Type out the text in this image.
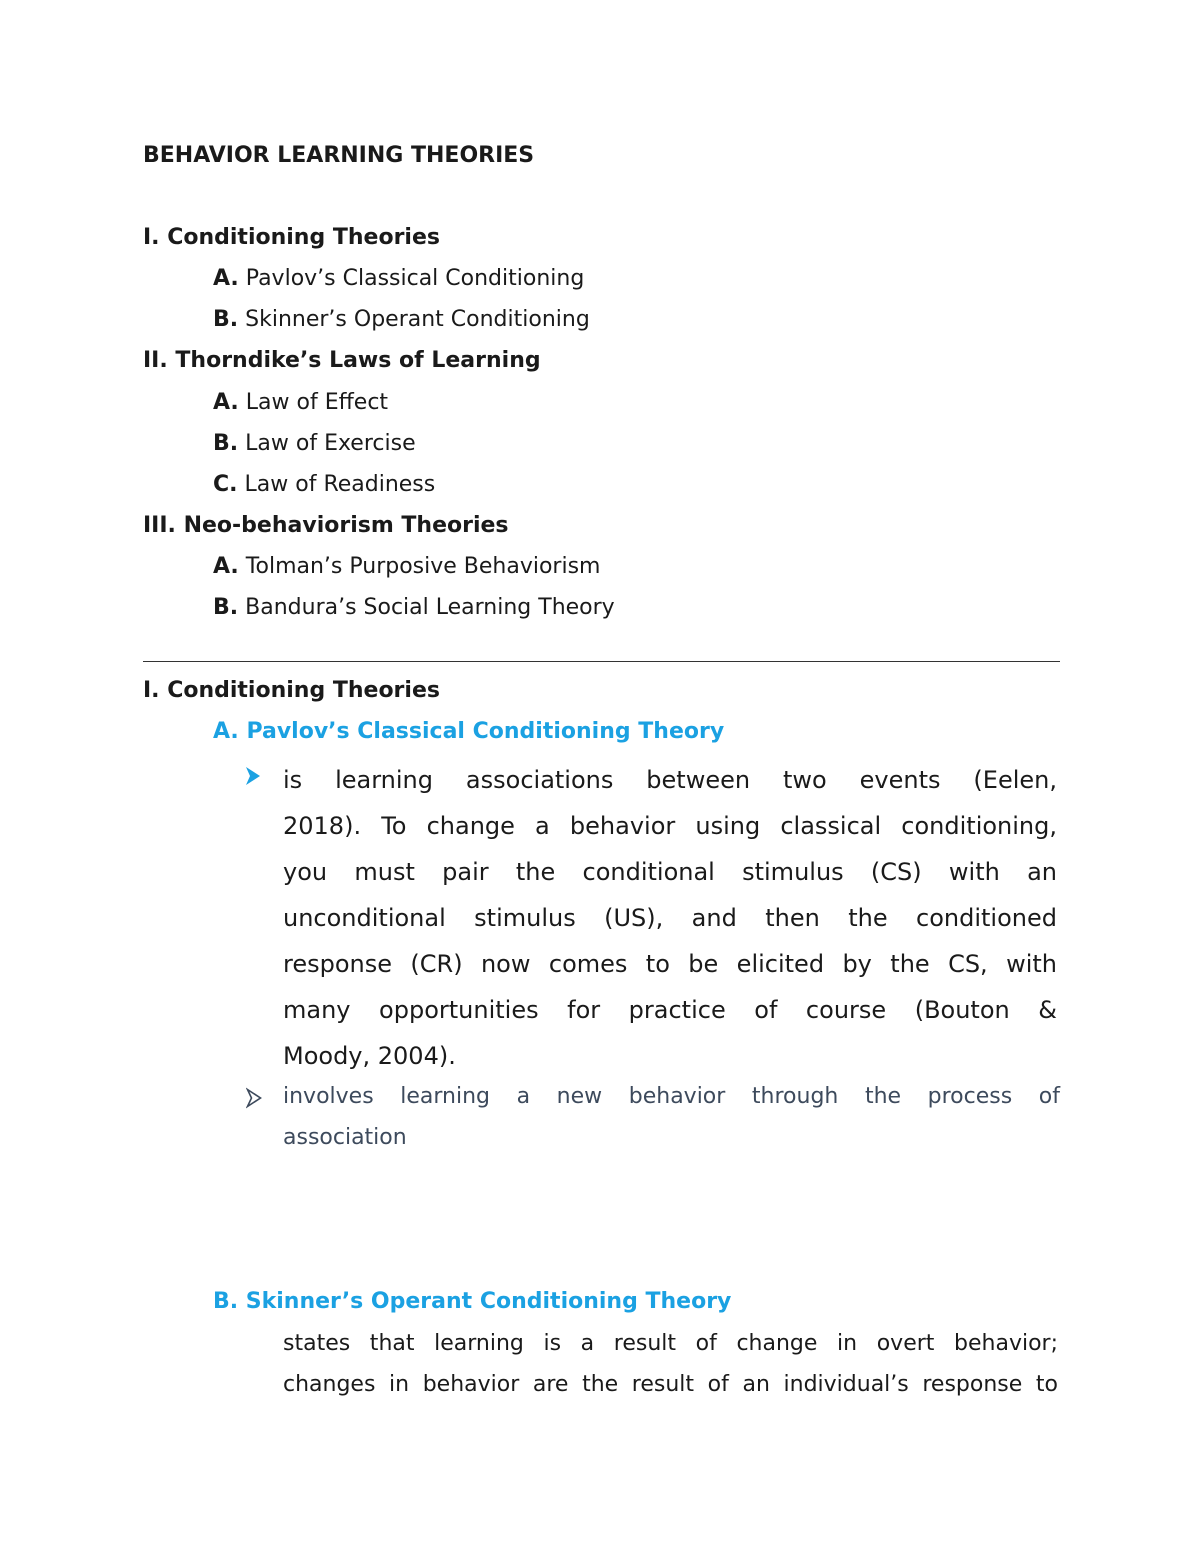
BEHAVIOR LEARNING THEORIES
I. Conditioning Theories
A. Pavlov’s Classical Conditioning
B. Skinner’s Operant Conditioning
II. Thorndike’s Laws of Learning
A. Law of Effect
B. Law of Exercise
C. Law of Readiness
III. Neo-behaviorism Theories
A. Tolman’s Purposive Behaviorism
B. Bandura’s Social Learning Theory
I. Conditioning Theories
A. Pavlov’s Classical Conditioning Theory
is learning associations between two events (Eelen,
2018). To change a behavior using classical conditioning,
you must pair the conditional stimulus (CS) with an
unconditional stimulus (US), and then the conditioned
response (CR) now comes to be elicited by the CS, with
many opportunities for practice of course (Bouton &
Moody, 2004).
involves learning a new behavior through the process of
association
B. Skinner’s Operant Conditioning Theory
states that learning is a result of change in overt behavior;
changes in behavior are the result of an individual’s response to
